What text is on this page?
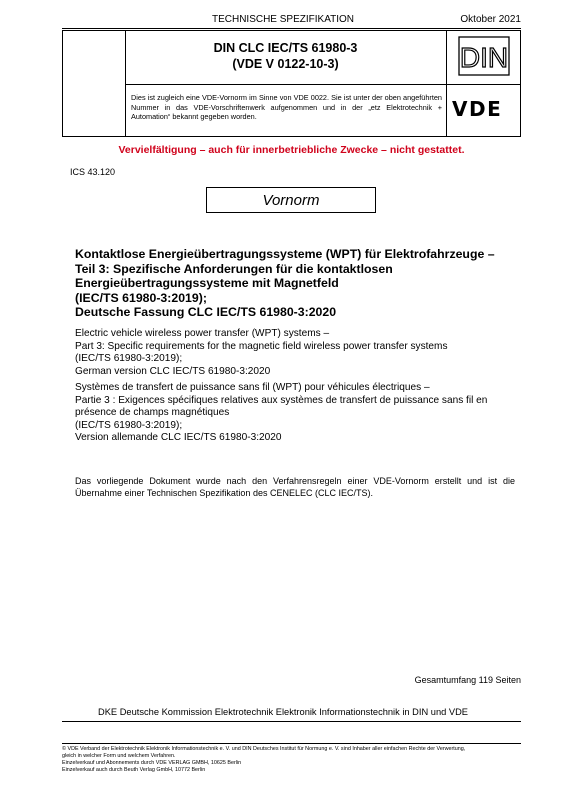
TECHNISCHE SPEZIFIKATION	Oktober 2021
DIN CLC IEC/TS 61980-3
(VDE V 0122-10-3)	DIN
Dies ist zugleich eine VDE-Vornorm im Sinne von VDE 0022. Sie ist unter der oben angeführten Nummer in das VDE-Vorschriftenwerk aufgenommen und in der „etz Elektrotechnik + Automation“ bekannt gegeben worden.	VDE
Vervielfältigung – auch für innerbetriebliche Zwecke – nicht gestattet.
ICS 43.120
Vornorm
Kontaktlose Energieübertragungssysteme (WPT) für Elektrofahrzeuge –
Teil 3: Spezifische Anforderungen für die kontaktlosen
Energieübertragungssysteme mit Magnetfeld
(IEC/TS 61980-3:2019);
Deutsche Fassung CLC IEC/TS 61980-3:2020
Electric vehicle wireless power transfer (WPT) systems –
Part 3: Specific requirements for the magnetic field wireless power transfer systems
(IEC/TS 61980-3:2019);
German version CLC IEC/TS 61980-3:2020
Systèmes de transfert de puissance sans fil (WPT) pour véhicules électriques –
Partie 3 : Exigences spécifiques relatives aux systèmes de transfert de puissance sans fil en
présence de champs magnétiques
(IEC/TS 61980-3:2019);
Version allemande CLC IEC/TS 61980-3:2020
Das vorliegende Dokument wurde nach den Verfahrensregeln einer VDE-Vornorm erstellt und ist die Übernahme einer Technischen Spezifikation des CENELEC (CLC IEC/TS).
Gesamtumfang 119 Seiten
DKE Deutsche Kommission Elektrotechnik Elektronik Informationstechnik in DIN und VDE
© VDE Verband der Elektrotechnik Elektronik Informationstechnik e. V. und DIN Deutsches Institut für Normung e. V. sind Inhaber aller einfachen Rechte der Verwertung,
gleich in welcher Form und welchem Verfahren.
Einzelverkauf und Abonnements durch VDE VERLAG GMBH, 10625 Berlin
Einzelverkauf auch durch Beuth Verlag GmbH, 10772 Berlin
